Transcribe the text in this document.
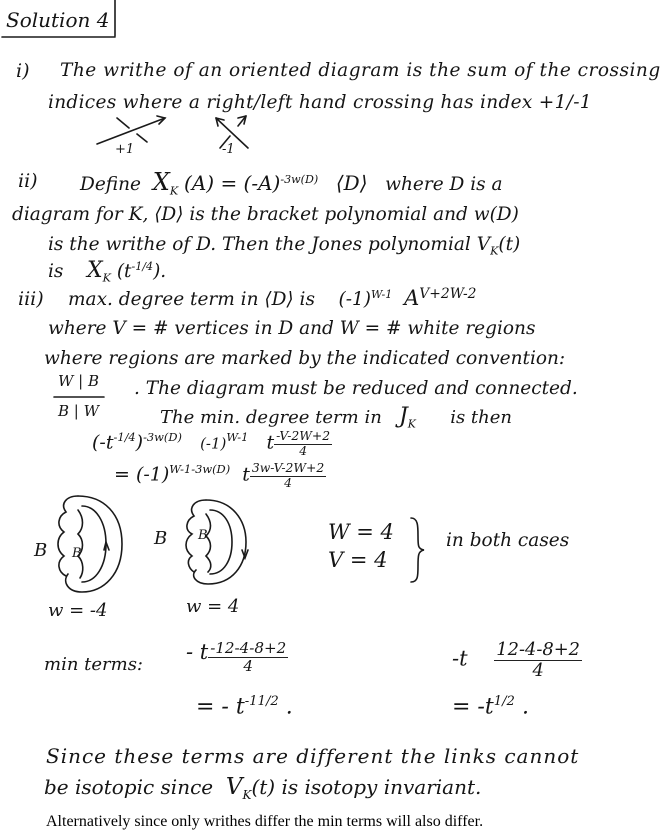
Solution 4
i) The writhe of an oriented diagram is the sum of the crossing
indices where a right/left hand crossing has index +1/-1
+1	-1
ii) Define $X_K$ $(A) = (-A)^{-3w(D)}$ ⟨D⟩ where D is a
diagram for K, ⟨D⟩ is the bracket polynomial and w(D)
is the writhe of D. Then the Jones polynomial $V_K(t)$
is $X_K$ $(t^{-1/4})$.
iii) max. degree term in ⟨D⟩ is $(-1)^{W-1}$ $A^{V+2W-2}$
where V = # vertices in D and W = # white regions
where regions are marked by the indicated convention:
W | B
B | W
. The diagram must be reduced and connected.
The min. degree term in $J_K$ is then
$(-t^{-1/4})^{-3w(D)}$ $(-1)^{W-1}$ t $\frac{-V-2W+2}{4}$
= $(-1)^{W-1-3w(D)}$ t $\frac{3w-V-2W+2}{4}$
B B
w = -4
B B
w = 4
W = 4
V = 4
in both cases
min terms:
- t $\frac{-12-4-8+2}{4}$	$-t \frac{12-4-8+2}{4}$
= - $t^{-11/2}$ .	= $-t^{1/2}$ .
Since these terms are different the links cannot
be isotopic since $V_K(t)$ is isotopy invariant.
Alternatively since only writhes differ the min terms will also differ.
